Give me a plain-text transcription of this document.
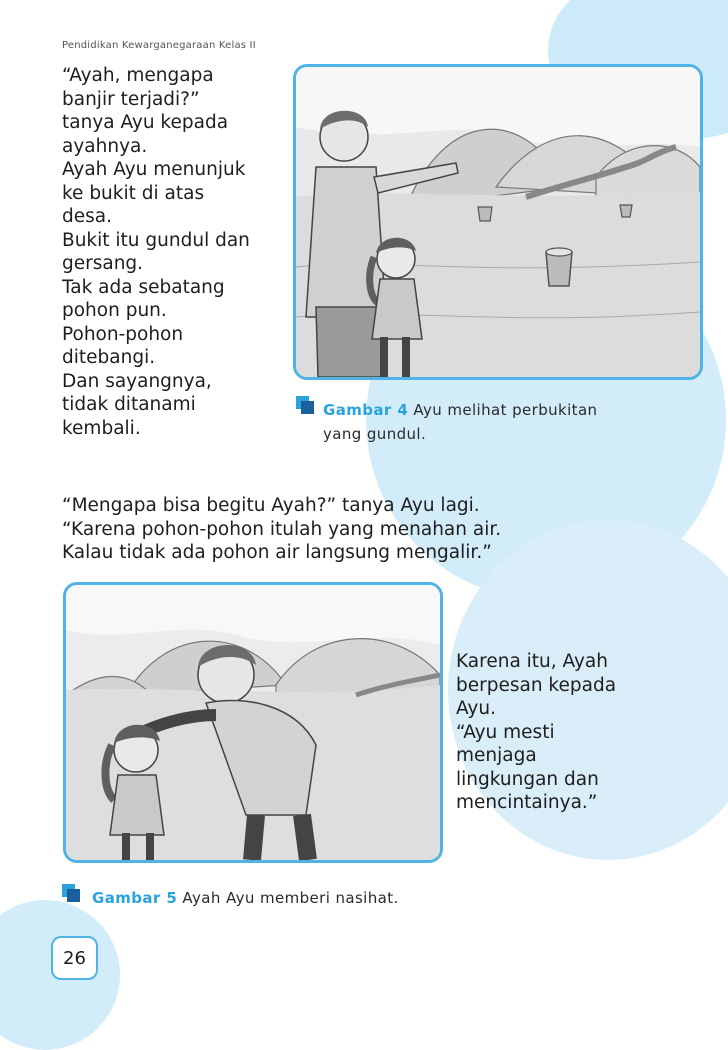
Pendidikan Kewarganegaraan Kelas II

“Ayah, mengapa

banjir terjadi?”

tanya Ayu kepada

ayahnya.

Ayah Ayu menunjuk

ke bukit di atas

desa.

Bukit itu gundul dan

gersang.

Tak ada sebatang

pohon pun.

Pohon-pohon

ditebangi.

Dan sayangnya,

tidak ditanami

kembali.

Gambar 4 Ayu melihat perbukitan
yang gundul.

“Mengapa bisa begitu Ayah?” tanya Ayu lagi.

“Karena pohon-pohon itulah yang menahan air.

Kalau tidak ada pohon air langsung mengalir.”

Karena itu, Ayah

berpesan kepada

Ayu.

“Ayu mesti

menjaga

lingkungan dan

mencintainya.”

Gambar 5 Ayah Ayu memberi nasihat.
26
